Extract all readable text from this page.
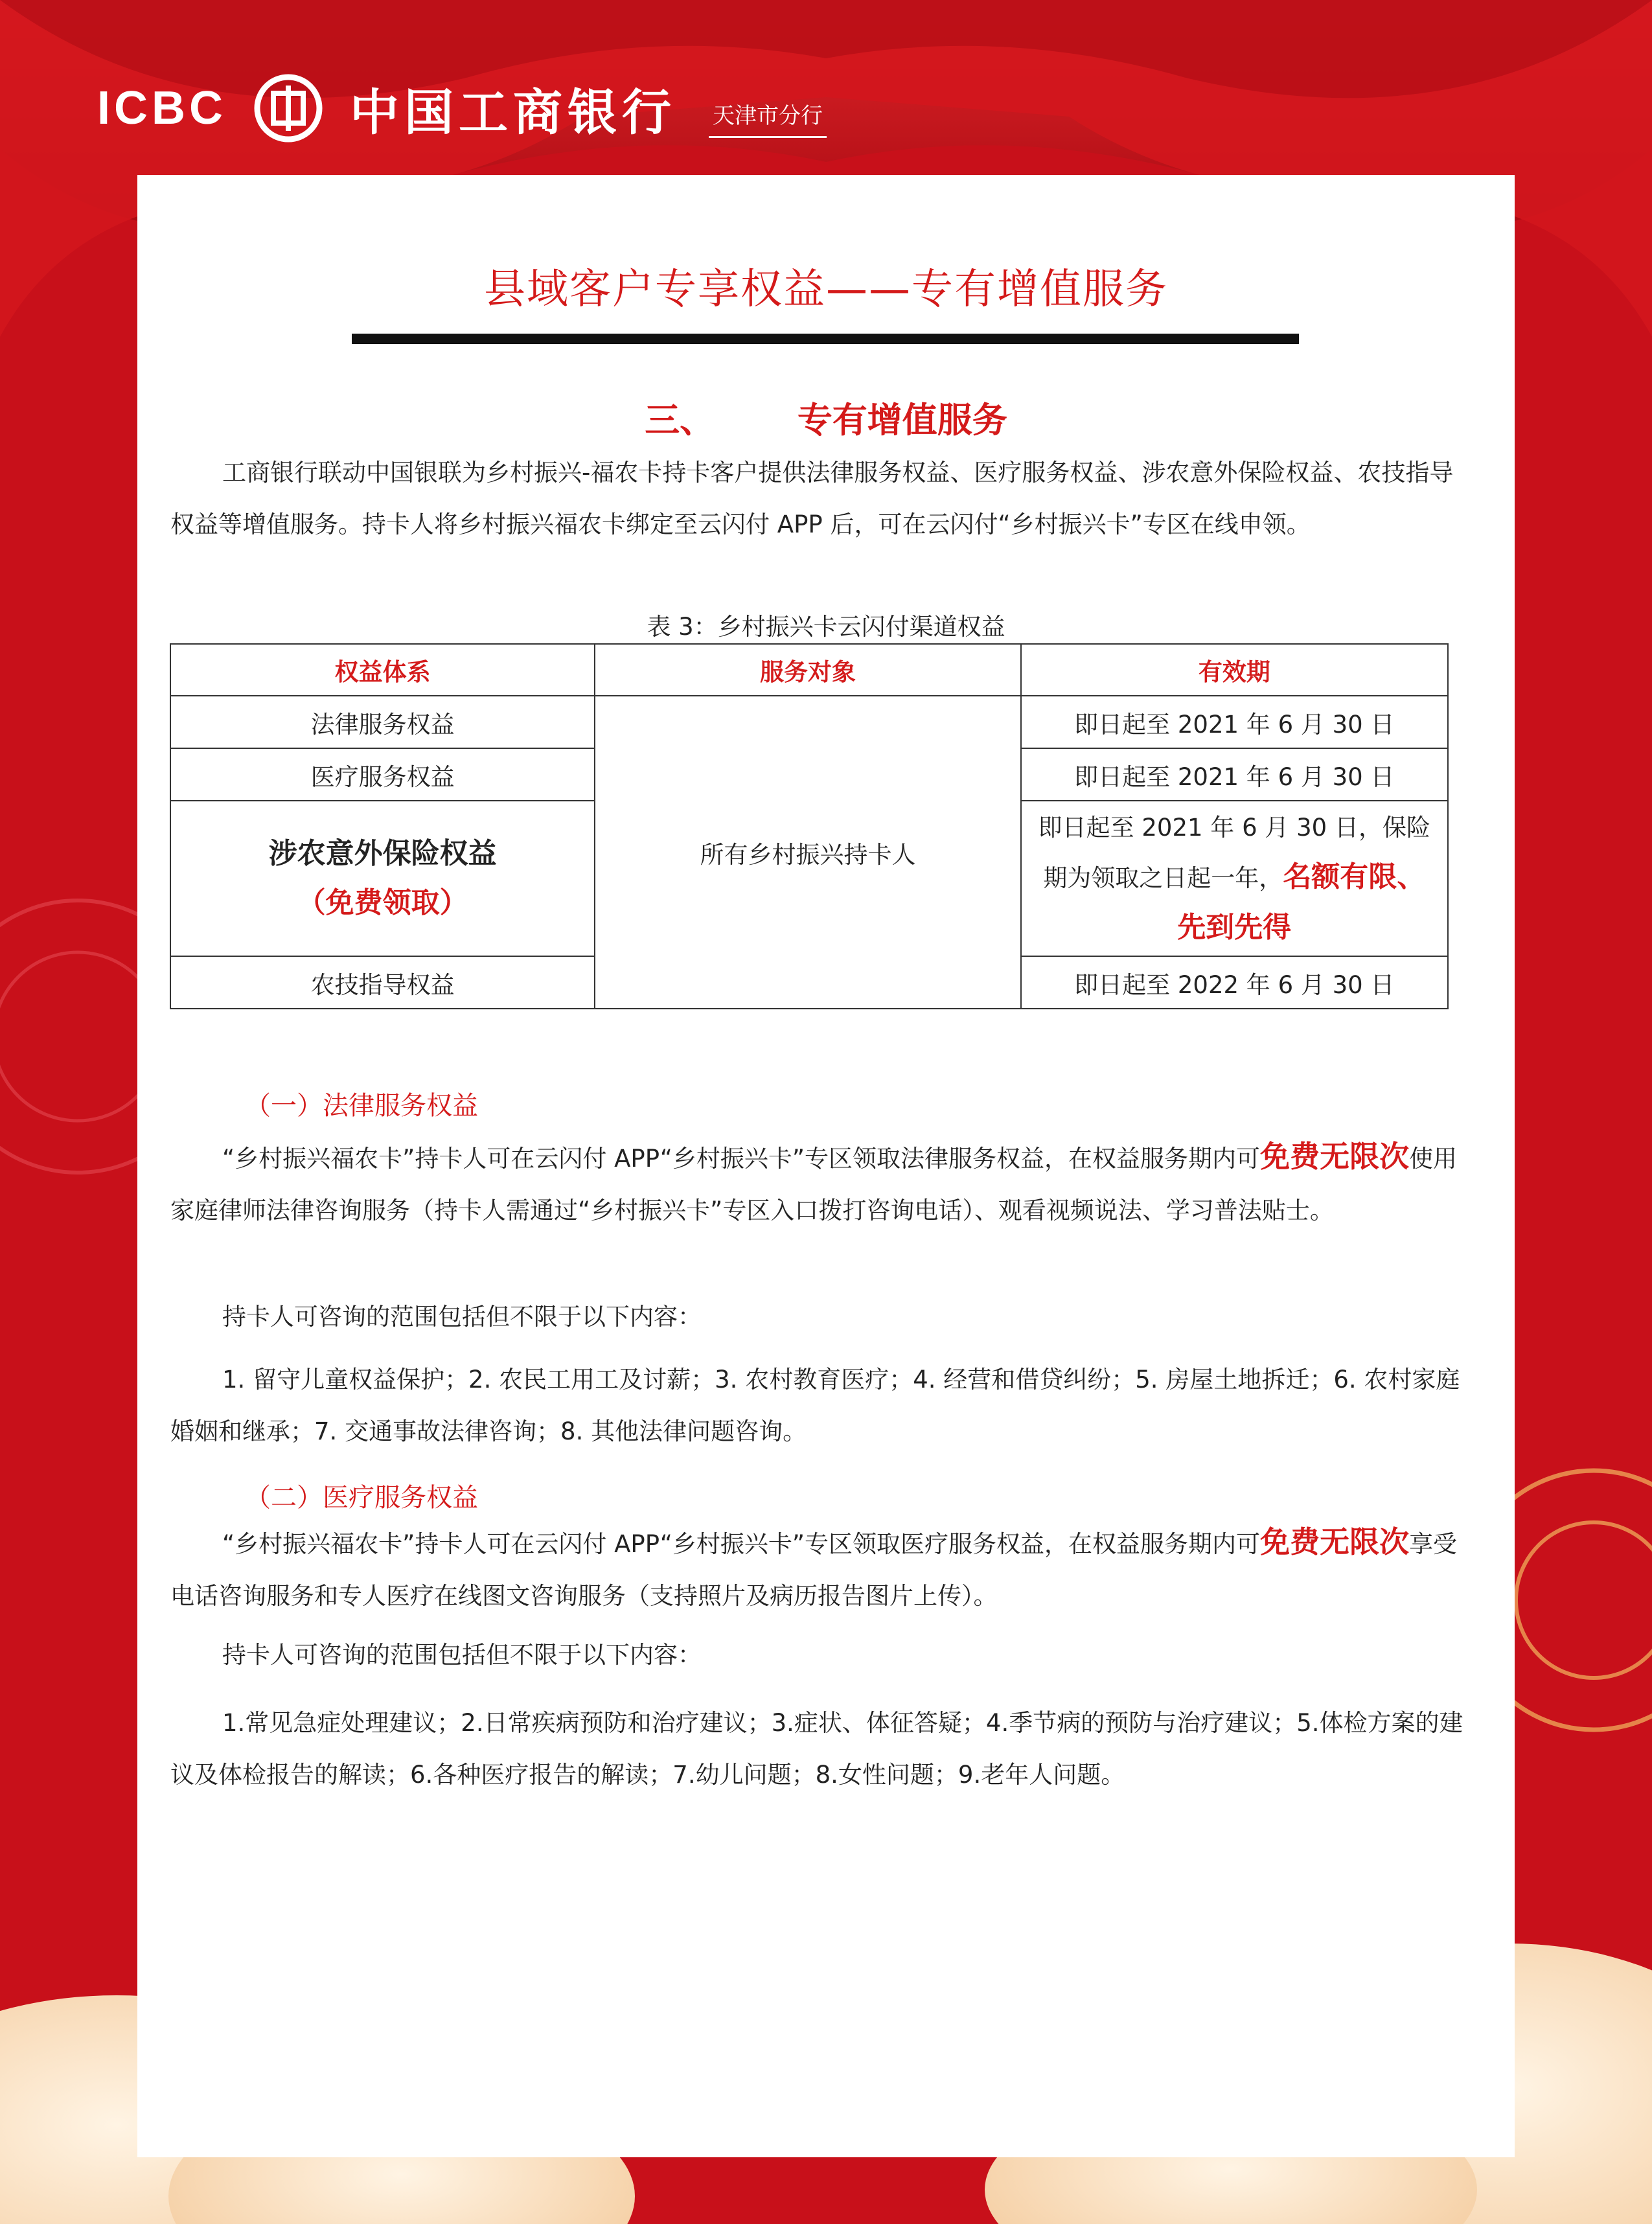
ICBC	中国工商银行 天津市分行
县域客户专享权益——专有增值服务
三、 专有增值服务
工商银行联动中国银联为乡村振兴-福农卡持卡客户提供法律服务权益、医疗服务权益、涉农意外保险权益、农技指导权益等增值服务。持卡人将乡村振兴福农卡绑定至云闪付 APP 后，可在云闪付“乡村振兴卡”专区在线申领。
表 3：乡村振兴卡云闪付渠道权益
权益体系	服务对象	有效期
法律服务权益	所有乡村振兴持卡人	即日起至 2021 年 6 月 30 日
医疗服务权益		即日起至 2021 年 6 月 30 日
涉农意外保险权益（免费领取）		即日起至 2021 年 6 月 30 日，保险期为领取之日起一年，名额有限、先到先得
农技指导权益		即日起至 2022 年 6 月 30 日
（一）法律服务权益
“乡村振兴福农卡”持卡人可在云闪付 APP“乡村振兴卡”专区领取法律服务权益，在权益服务期内可免费无限次使用家庭律师法律咨询服务（持卡人需通过“乡村振兴卡”专区入口拨打咨询电话）、观看视频说法、学习普法贴士。
持卡人可咨询的范围包括但不限于以下内容：
1. 留守儿童权益保护；2. 农民工用工及讨薪；3. 农村教育医疗；4. 经营和借贷纠纷；5. 房屋土地拆迁；6. 农村家庭婚姻和继承；7. 交通事故法律咨询；8. 其他法律问题咨询。
（二）医疗服务权益
“乡村振兴福农卡”持卡人可在云闪付 APP“乡村振兴卡”专区领取医疗服务权益，在权益服务期内可免费无限次享受电话咨询服务和专人医疗在线图文咨询服务（支持照片及病历报告图片上传）。
持卡人可咨询的范围包括但不限于以下内容：
1.常见急症处理建议；2.日常疾病预防和治疗建议；3.症状、体征答疑；4.季节病的预防与治疗建议；5.体检方案的建议及体检报告的解读；6.各种医疗报告的解读；7.幼儿问题；8.女性问题；9.老年人问题。
